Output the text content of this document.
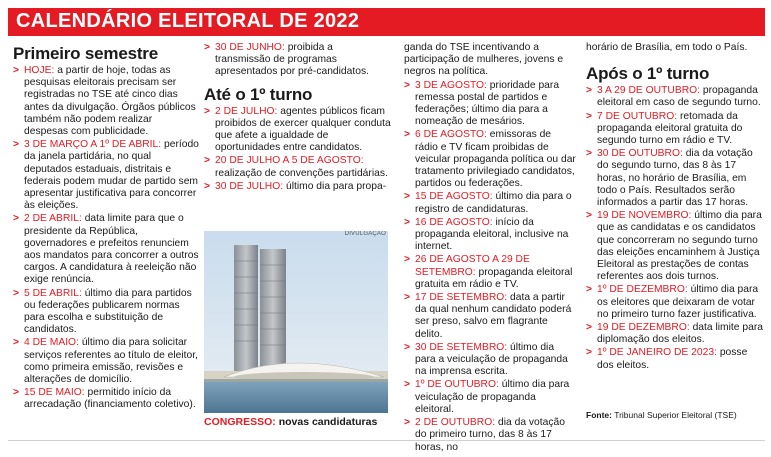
CALENDÁRIO ELEITORAL DE 2022
Primeiro semestre
> HOJE: a partir de hoje, todas as pesquisas eleitorais precisam ser registradas no TSE até cinco dias antes da divulgação. Órgãos públicos também não podem realizar despesas com publicidade.
> 3 DE MARÇO A 1º DE ABRIL: período da janela partidária, no qual deputados estaduais, distritais e federais podem mudar de partido sem apresentar justificativa para concorrer às eleições.
> 2 DE ABRIL: data limite para que o presidente da República, governadores e prefeitos renunciem aos mandatos para concorrer a outros cargos. A candidatura à reeleição não exige renúncia.
> 5 DE ABRIL: último dia para partidos ou federações publicarem normas para escolha e substituição de candidatos.
> 4 DE MAIO: último dia para solicitar serviços referentes ao título de eleitor, como primeira emissão, revisões e alterações de domicílio.
> 15 DE MAIO: permitido início da arrecadação (financiamento coletivo).
> 30 DE JUNHO: proibida a transmissão de programas apresentados por pré-candidatos.
Até o 1º turno
> 2 DE JULHO: agentes públicos ficam proibidos de exercer qualquer conduta que afete a igualdade de oportunidades entre candidatos.
> 20 DE JULHO A 5 DE AGOSTO: realização de convenções partidárias.
> 30 DE JULHO: último dia para propa-
DIVULGAÇÃO
CONGRESSO: novas candidaturas

ganda do TSE incentivando a participação de mulheres, jovens e negros na política.

> 3 DE AGOSTO: prioridade para remessa postal de partidos e federações; último dia para a nomeação de mesários.
> 6 DE AGOSTO: emissoras de rádio e TV ficam proibidas de veicular propaganda política ou dar tratamento privilegiado candidatos, partidos ou federações.
> 15 DE AGOSTO: último dia para o registro de candidaturas.
> 16 DE AGOSTO: início da propaganda eleitoral, inclusive na internet.
> 26 DE AGOSTO A 29 DE SETEMBRO: propaganda eleitoral gratuita em rádio e TV.
> 17 DE SETEMBRO: data a partir da qual nenhum candidato poderá ser preso, salvo em flagrante delito.
> 30 DE SETEMBRO: último dia para a veiculação de propaganda na imprensa escrita.
> 1º DE OUTUBRO: último dia para veiculação de propaganda eleitoral.
> 2 DE OUTUBRO: dia da votação do primeiro turno, das 8 às 17 horas, no

horário de Brasília, em todo o País.

Após o 1º turno
> 3 A 29 DE OUTUBRO: propaganda eleitoral em caso de segundo turno.
> 7 DE OUTUBRO: retomada da propaganda eleitoral gratuita do segundo turno em rádio e TV.
> 30 DE OUTUBRO: dia da votação do segundo turno, das 8 às 17 horas, no horário de Brasília, em todo o País. Resultados serão informados a partir das 17 horas.
> 19 DE NOVEMBRO: último dia para que as candidatas e os candidatos que concorreram no segundo turno das eleições encaminhem à Justiça Eleitoral as prestações de contas referentes aos dois turnos.
> 1º DE DEZEMBRO: último dia para os eleitores que deixaram de votar no primeiro turno fazer justificativa.
> 19 DE DEZEMBRO: data limite para diplomação dos eleitos.
> 1º DE JANEIRO DE 2023: posse dos eleitos.
Fonte: Tribunal Superior Eleitoral (TSE)
